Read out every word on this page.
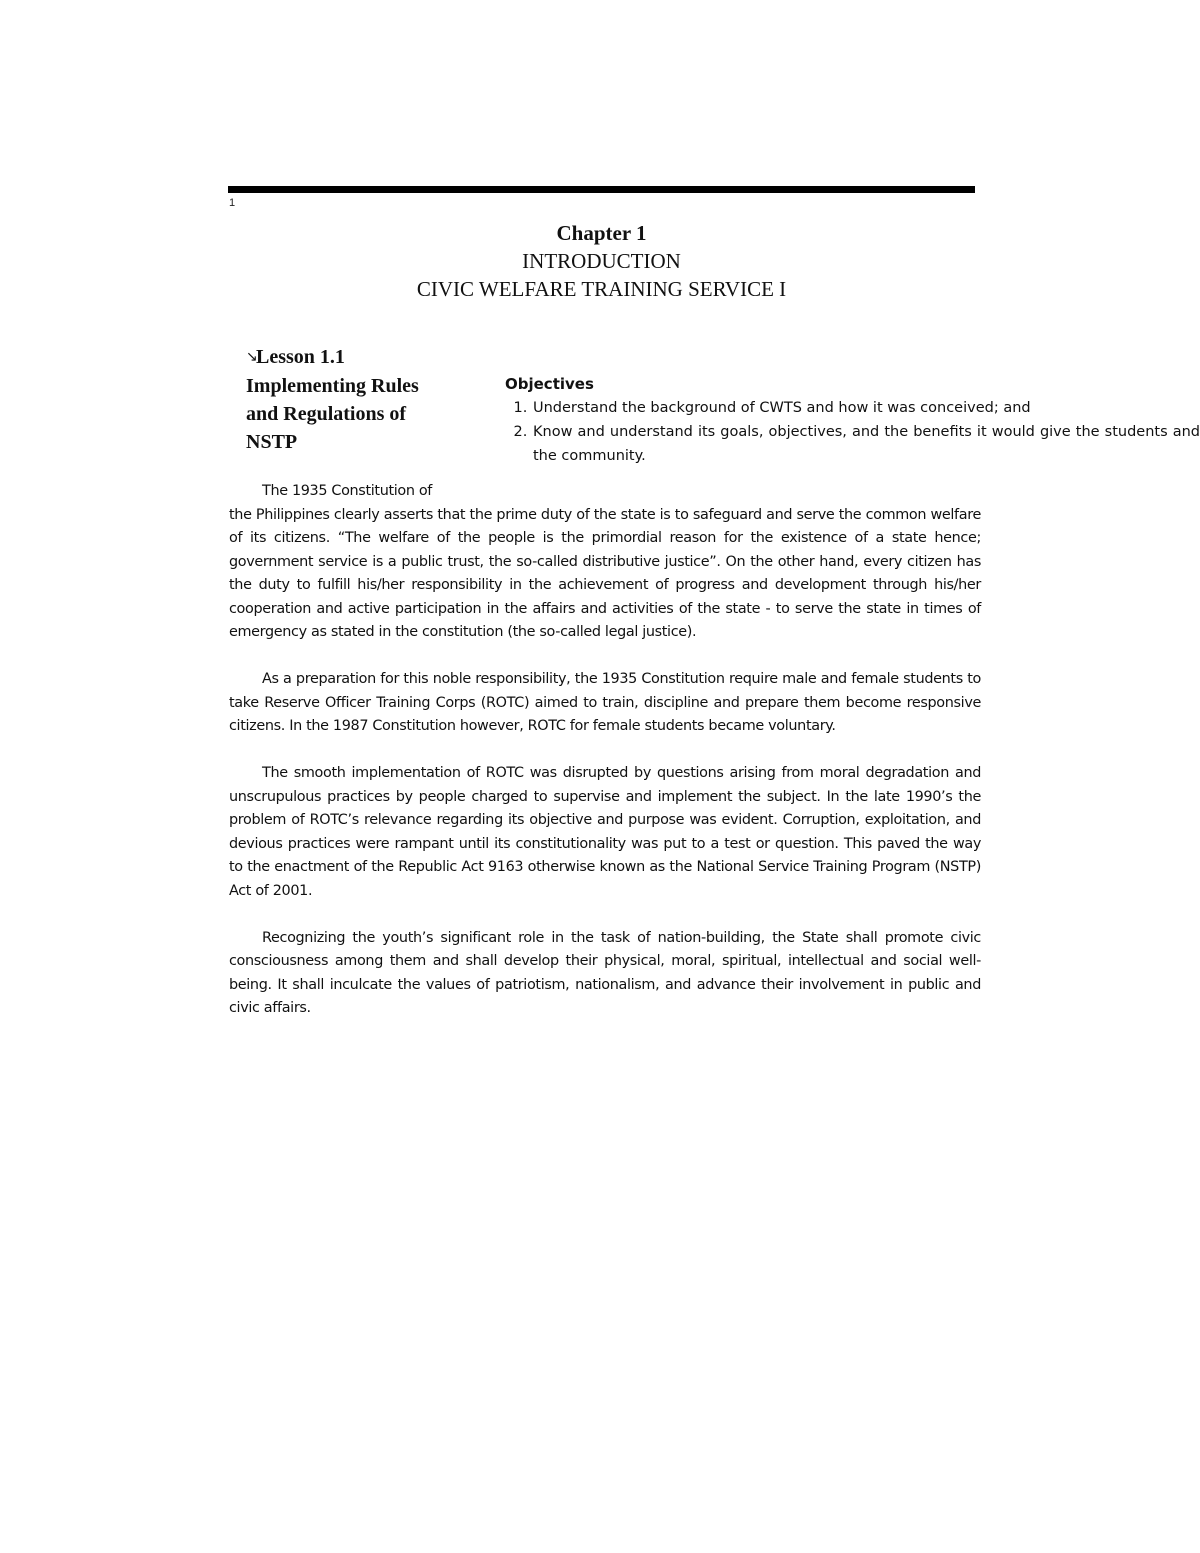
1
Chapter 1
INTRODUCTION
CIVIC WELFARE TRAINING SERVICE I
↘Lesson 1.1
Implementing Rules
and Regulations of
NSTP
Objectives
1. Understand the background of CWTS and how it was conceived; and
2. Know and understand its goals, objectives, and the benefits it would give the students and the community.

The 1935 Constitution of
the Philippines clearly asserts that the prime duty of the state is to safeguard and serve the common welfare of its citizens. “The welfare of the people is the primordial reason for the existence of a state hence; government service is a public trust, the so-called distributive justice”. On the other hand, every citizen has the duty to fulfill his/her responsibility in the achievement of progress and development through his/her cooperation and active participation in the affairs and activities of the state - to serve the state in times of emergency as stated in the constitution (the so-called legal justice).

As a preparation for this noble responsibility, the 1935 Constitution require male and female students to take Reserve Officer Training Corps (ROTC) aimed to train, discipline and prepare them become responsive citizens. In the 1987 Constitution however, ROTC for female students became voluntary.

The smooth implementation of ROTC was disrupted by questions arising from moral degradation and unscrupulous practices by people charged to supervise and implement the subject. In the late 1990’s the problem of ROTC’s relevance regarding its objective and purpose was evident. Corruption, exploitation, and devious practices were rampant until its constitutionality was put to a test or question. This paved the way to the enactment of the Republic Act 9163 otherwise known as the National Service Training Program (NSTP) Act of 2001.

Recognizing the youth’s significant role in the task of nation-building, the State shall promote civic consciousness among them and shall develop their physical, moral, spiritual, intellectual and social well-being. It shall inculcate the values of patriotism, nationalism, and advance their involvement in public and civic affairs.
